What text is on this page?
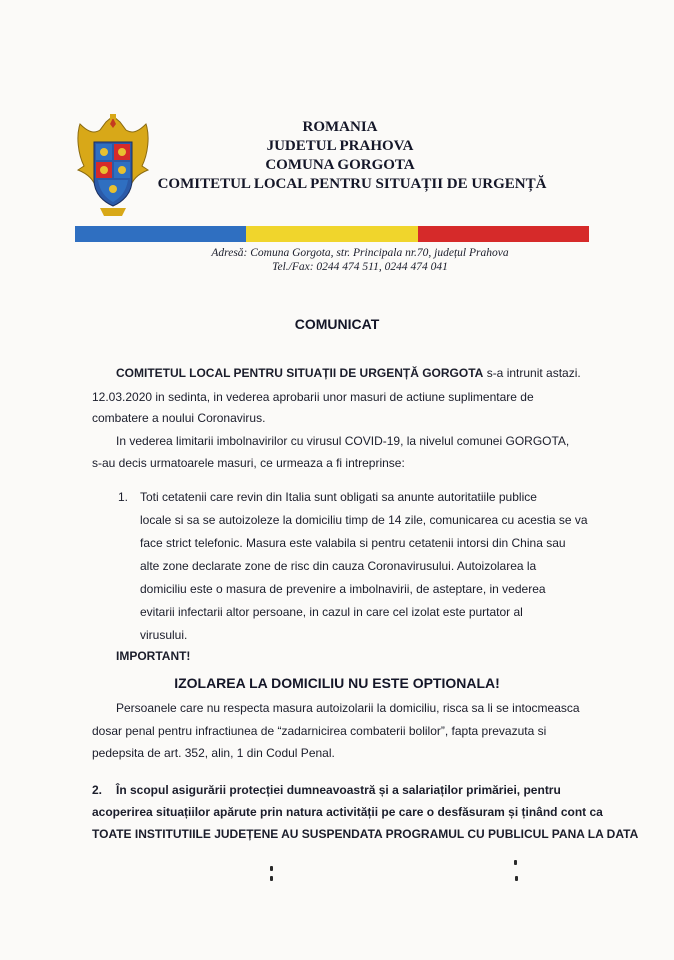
ROMANIA
JUDETUL PRAHOVA
COMUNA GORGOTA
COMITETUL LOCAL PENTRU SITUAȚII DE URGENȚĂ
Adresă: Comuna Gorgota, str. Principala nr.70, județul Prahova
Tel./Fax: 0244 474 511, 0244 474 041
COMUNICAT
COMITETUL LOCAL PENTRU SITUAȚII DE URGENȚĂ GORGOTA s-a intrunit astazi.
12.03.2020 in sedinta, in vederea aprobarii unor masuri de actiune suplimentare de
combatere a noului Coronavirus.
In vederea limitarii imbolnavirilor cu virusul COVID-19, la nivelul comunei GORGOTA,
s-au decis urmatoarele masuri, ce urmeaza a fi intreprinse:
1. Toti cetatenii care revin din Italia sunt obligati sa anunte autoritatiile publice
locale si sa se autoizoleze la domiciliu timp de 14 zile, comunicarea cu acestia se va
face strict telefonic. Masura este valabila si pentru cetatenii intorsi din China sau
alte zone declarate zone de risc din cauza Coronavirusului. Autoizolarea la
domiciliu este o masura de prevenire a imbolnavirii, de asteptare, in vederea
evitarii infectarii altor persoane, in cazul in care cel izolat este purtator al
virusului.
IMPORTANT!
IZOLAREA LA DOMICILIU NU ESTE OPTIONALA!
Persoanele care nu respecta masura autoizolarii la domiciliu, risca sa li se intocmeasca
dosar penal pentru infractiunea de “zadarnicirea combaterii bolilor”, fapta prevazuta si
pedepsita de art. 352, alin, 1 din Codul Penal.
2. În scopul asigurării protecției dumneavoastră și a salariaților primăriei, pentru
acoperirea situațiilor apărute prin natura activității pe care o desfăsuram și ținând cont ca
TOATE INSTITUTIILE JUDEȚENE AU SUSPENDATA PROGRAMUL CU PUBLICUL PANA LA DATA
